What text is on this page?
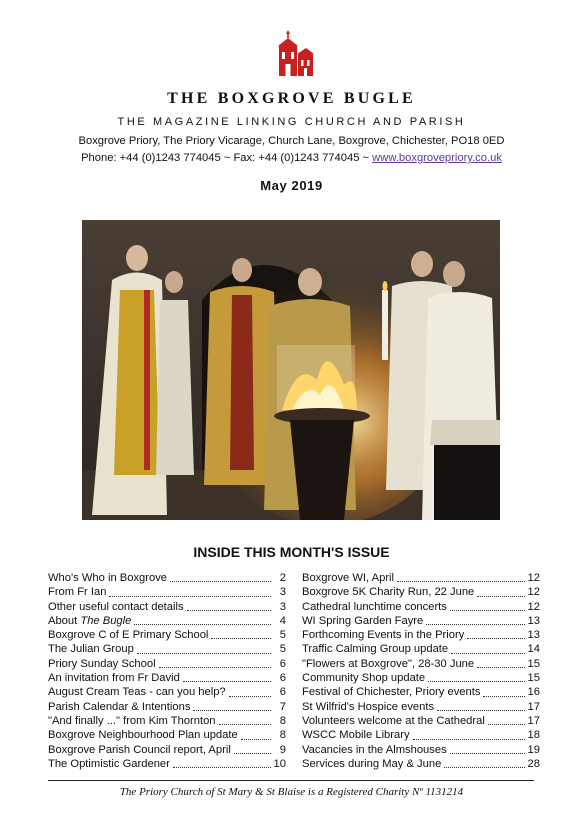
THE BOXGROVE BUGLE
THE MAGAZINE LINKING CHURCH AND PARISH
Boxgrove Priory, The Priory Vicarage, Church Lane, Boxgrove, Chichester, PO18 0ED
Phone: +44 (0)1243 774045 ~ Fax: +44 (0)1243 774045 ~ www.boxgrovepriory.co.uk
May 2019
INSIDE THIS MONTH'S ISSUE
Who's Who in Boxgrove	2
From Fr Ian	3
Other useful contact details	3
About The Bugle	4
Boxgrove C of E Primary School	5
The Julian Group	5
Priory Sunday School	6
An invitation from Fr David	6
August Cream Teas - can you help?	6
Parish Calendar & Intentions	7
"And finally ..." from Kim Thornton	8
Boxgrove Neighbourhood Plan update	8
Boxgrove Parish Council report, April	9
The Optimistic Gardener	10
Boxgrove WI, April	12
Boxgrove 5K Charity Run, 22 June	12
Cathedral lunchtime concerts	12
WI Spring Garden Fayre	13
Forthcoming Events in the Priory	13
Traffic Calming Group update	14
"Flowers at Boxgrove", 28-30 June	15
Community Shop update	15
Festival of Chichester, Priory events	16
St Wilfrid's Hospice events	17
Volunteers welcome at the Cathedral	17
WSCC Mobile Library	18
Vacancies in the Almshouses	19
Services during May & June	28
The Priory Church of St Mary & St Blaise is a Registered Charity Nº 1131214
